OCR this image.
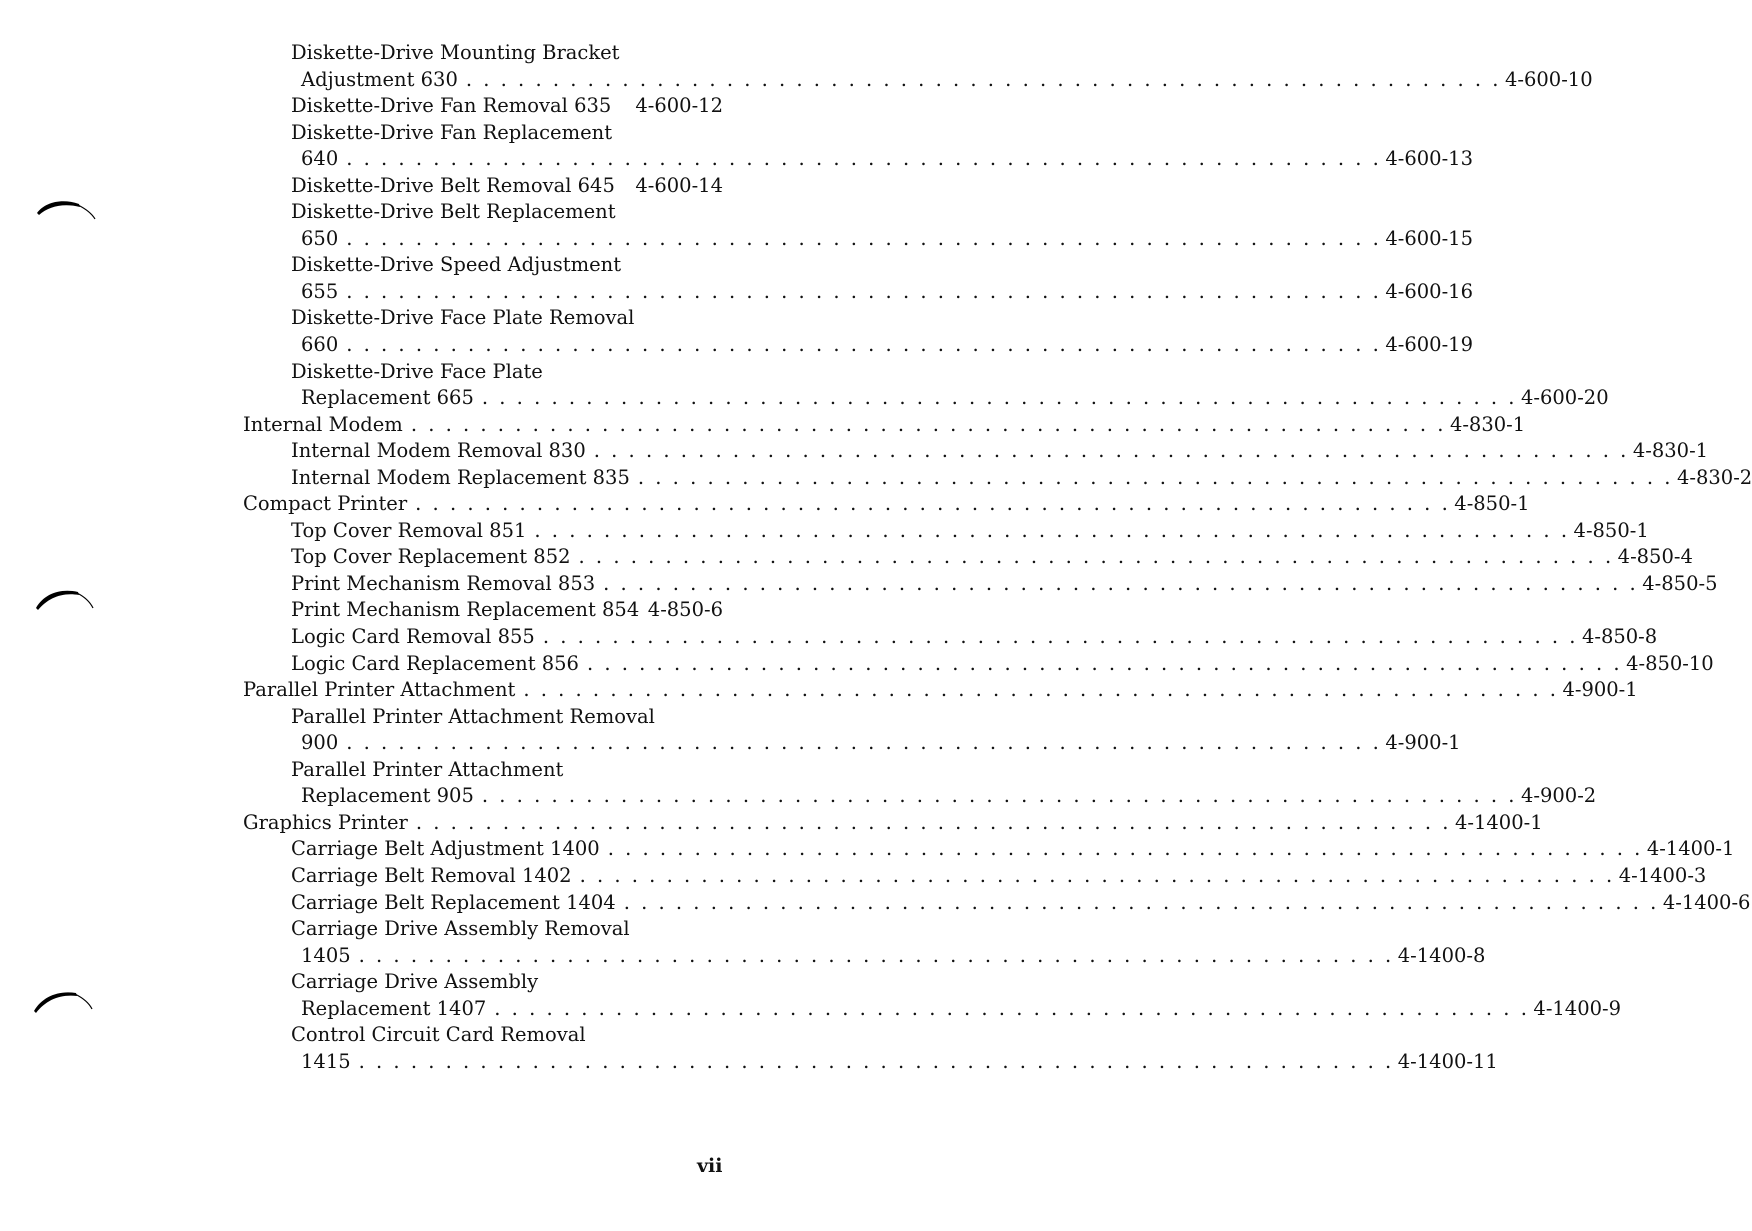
Diskette-Drive Mounting Bracket
Adjustment 630 . . . . . . . . . . . . . . . . . . . . . . . . . . . . . . . . . . . . . . . . . . . . . . . . . . . . . . . . . . . . 4-600-10
Diskette-Drive Fan Removal 635 4-600-12
Diskette-Drive Fan Replacement
640 . . . . . . . . . . . . . . . . . . . . . . . . . . . . . . . . . . . . . . . . . . . . . . . . . . . . . . . . . . . . 4-600-13
Diskette-Drive Belt Removal 645 4-600-14
Diskette-Drive Belt Replacement
650 . . . . . . . . . . . . . . . . . . . . . . . . . . . . . . . . . . . . . . . . . . . . . . . . . . . . . . . . . . . . 4-600-15
Diskette-Drive Speed Adjustment
655 . . . . . . . . . . . . . . . . . . . . . . . . . . . . . . . . . . . . . . . . . . . . . . . . . . . . . . . . . . . . 4-600-16
Diskette-Drive Face Plate Removal
660 . . . . . . . . . . . . . . . . . . . . . . . . . . . . . . . . . . . . . . . . . . . . . . . . . . . . . . . . . . . . 4-600-19
Diskette-Drive Face Plate
Replacement 665 . . . . . . . . . . . . . . . . . . . . . . . . . . . . . . . . . . . . . . . . . . . . . . . . . . . . . . . . . . . . 4-600-20
Internal Modem . . . . . . . . . . . . . . . . . . . . . . . . . . . . . . . . . . . . . . . . . . . . . . . . . . . . . . . . . . . . 4-830-1
Internal Modem Removal 830 . . . . . . . . . . . . . . . . . . . . . . . . . . . . . . . . . . . . . . . . . . . . . . . . . . . . . . . . . . . . 4-830-1
Internal Modem Replacement 835 . . . . . . . . . . . . . . . . . . . . . . . . . . . . . . . . . . . . . . . . . . . . . . . . . . . . . . . . . . . . 4-830-2
Compact Printer . . . . . . . . . . . . . . . . . . . . . . . . . . . . . . . . . . . . . . . . . . . . . . . . . . . . . . . . . . . . 4-850-1
Top Cover Removal 851 . . . . . . . . . . . . . . . . . . . . . . . . . . . . . . . . . . . . . . . . . . . . . . . . . . . . . . . . . . . . 4-850-1
Top Cover Replacement 852 . . . . . . . . . . . . . . . . . . . . . . . . . . . . . . . . . . . . . . . . . . . . . . . . . . . . . . . . . . . . 4-850-4
Print Mechanism Removal 853 . . . . . . . . . . . . . . . . . . . . . . . . . . . . . . . . . . . . . . . . . . . . . . . . . . . . . . . . . . . . 4-850-5
Print Mechanism Replacement 854 4-850-6
Logic Card Removal 855 . . . . . . . . . . . . . . . . . . . . . . . . . . . . . . . . . . . . . . . . . . . . . . . . . . . . . . . . . . . . 4-850-8
Logic Card Replacement 856 . . . . . . . . . . . . . . . . . . . . . . . . . . . . . . . . . . . . . . . . . . . . . . . . . . . . . . . . . . . . 4-850-10
Parallel Printer Attachment . . . . . . . . . . . . . . . . . . . . . . . . . . . . . . . . . . . . . . . . . . . . . . . . . . . . . . . . . . . . 4-900-1
Parallel Printer Attachment Removal
900 . . . . . . . . . . . . . . . . . . . . . . . . . . . . . . . . . . . . . . . . . . . . . . . . . . . . . . . . . . . . 4-900-1
Parallel Printer Attachment
Replacement 905 . . . . . . . . . . . . . . . . . . . . . . . . . . . . . . . . . . . . . . . . . . . . . . . . . . . . . . . . . . . . 4-900-2
Graphics Printer . . . . . . . . . . . . . . . . . . . . . . . . . . . . . . . . . . . . . . . . . . . . . . . . . . . . . . . . . . . . 4-1400-1
Carriage Belt Adjustment 1400 . . . . . . . . . . . . . . . . . . . . . . . . . . . . . . . . . . . . . . . . . . . . . . . . . . . . . . . . . . . . 4-1400-1
Carriage Belt Removal 1402 . . . . . . . . . . . . . . . . . . . . . . . . . . . . . . . . . . . . . . . . . . . . . . . . . . . . . . . . . . . . 4-1400-3
Carriage Belt Replacement 1404 . . . . . . . . . . . . . . . . . . . . . . . . . . . . . . . . . . . . . . . . . . . . . . . . . . . . . . . . . . . . 4-1400-6
Carriage Drive Assembly Removal
1405 . . . . . . . . . . . . . . . . . . . . . . . . . . . . . . . . . . . . . . . . . . . . . . . . . . . . . . . . . . . . 4-1400-8
Carriage Drive Assembly
Replacement 1407 . . . . . . . . . . . . . . . . . . . . . . . . . . . . . . . . . . . . . . . . . . . . . . . . . . . . . . . . . . . . 4-1400-9
Control Circuit Card Removal
1415 . . . . . . . . . . . . . . . . . . . . . . . . . . . . . . . . . . . . . . . . . . . . . . . . . . . . . . . . . . . . 4-1400-11
vii
